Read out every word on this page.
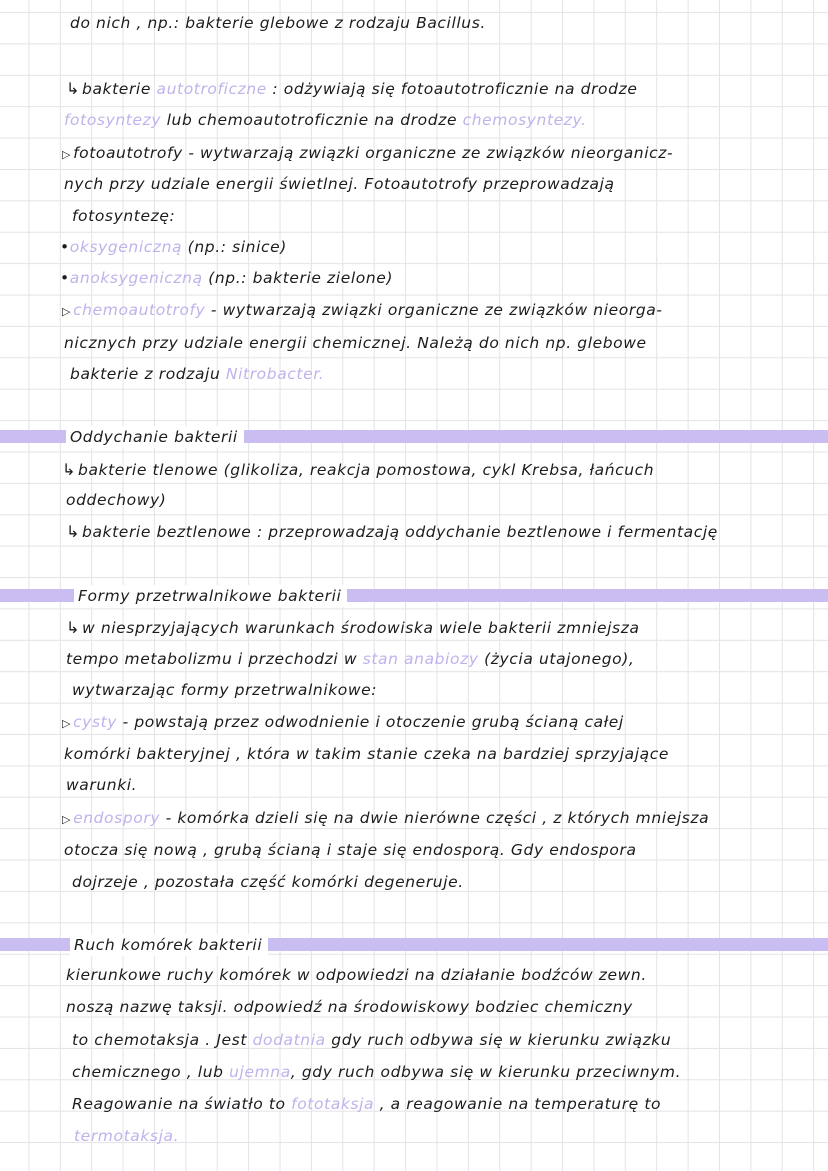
do nich , np.: bakterie glebowe z rodzaju Bacillus.
↳ bakterie autotroficzne : odżywiają się fotoautotroficznie na drodze
fotosyntezy lub chemoautotroficznie na drodze chemosyntezy.
▷ fotoautotrofy - wytwarzają związki organiczne ze związków nieorganicz-
nych przy udziale energii świetlnej. Fotoautotrofy przeprowadzają
fotosyntezę:
•oksygeniczną (np.: sinice)
•anoksygeniczną (np.: bakterie zielone)
▷ chemoautotrofy - wytwarzają związki organiczne ze związków nieorga-
nicznych przy udziale energii chemicznej. Należą do nich np. glebowe
bakterie z rodzaju Nitrobacter.
Oddychanie bakterii
↳ bakterie tlenowe (glikoliza, reakcja pomostowa, cykl Krebsa, łańcuch
oddechowy)
↳ bakterie beztlenowe : przeprowadzają oddychanie beztlenowe i fermentację
Formy przetrwalnikowe bakterii
↳ w niesprzyjających warunkach środowiska wiele bakterii zmniejsza
tempo metabolizmu i przechodzi w stan anabiozy (życia utajonego),
wytwarzając formy przetrwalnikowe:
▷ cysty - powstają przez odwodnienie i otoczenie grubą ścianą całej
komórki bakteryjnej , która w takim stanie czeka na bardziej sprzyjające
warunki.
▷ endospory - komórka dzieli się na dwie nierówne części , z których mniejsza
otocza się nową , grubą ścianą i staje się endosporą. Gdy endospora
dojrzeje , pozostała część komórki degeneruje.
Ruch komórek bakterii
kierunkowe ruchy komórek w odpowiedzi na działanie bodźców zewn.
noszą nazwę taksji. odpowiedź na środowiskowy bodziec chemiczny
to chemotaksja . Jest dodatnia gdy ruch odbywa się w kierunku związku
chemicznego , lub ujemna, gdy ruch odbywa się w kierunku przeciwnym.
Reagowanie na światło to fototaksja , a reagowanie na temperaturę to
termotaksja.
